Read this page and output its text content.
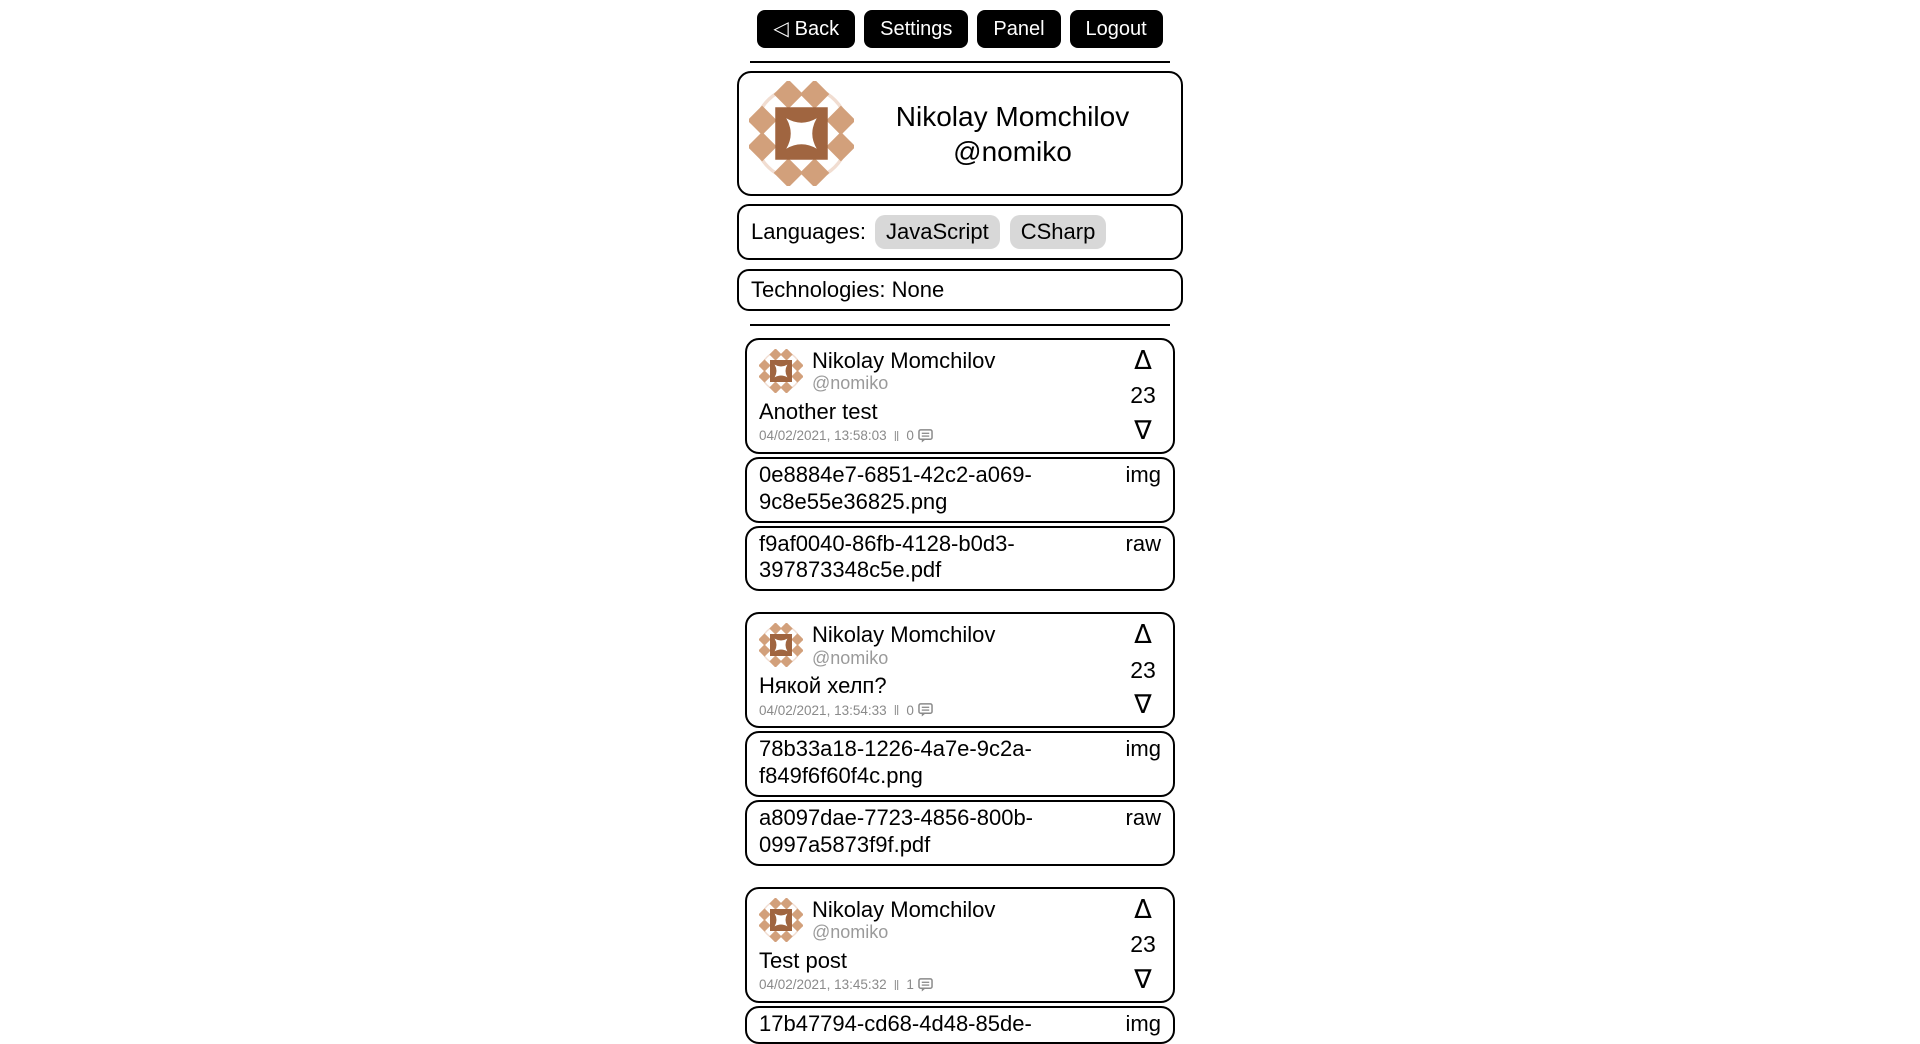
◁ Back	Settings	Panel	Logout
Nikolay Momchilov
@nomiko
Languages: JavaScript	CSharp
Technologies: None
Nikolay Momchilov
@nomiko
Another test
04/02/2021, 13:58:03 ‖ 0
Δ
23
∇
0e8884e7-6851-42c2-a069-9c8e55e36825.png
img
f9af0040-86fb-4128-b0d3-397873348c5e.pdf
raw
Nikolay Momchilov
@nomiko
Някой хелп?
04/02/2021, 13:54:33 ‖ 0
Δ
23
∇
78b33a18-1226-4a7e-9c2a-f849f6f60f4c.png
img
a8097dae-7723-4856-800b-0997a5873f9f.pdf
raw
Nikolay Momchilov
@nomiko
Test post
04/02/2021, 13:45:32 ‖ 1
Δ
23
∇
17b47794-cd68-4d48-85de-	img
